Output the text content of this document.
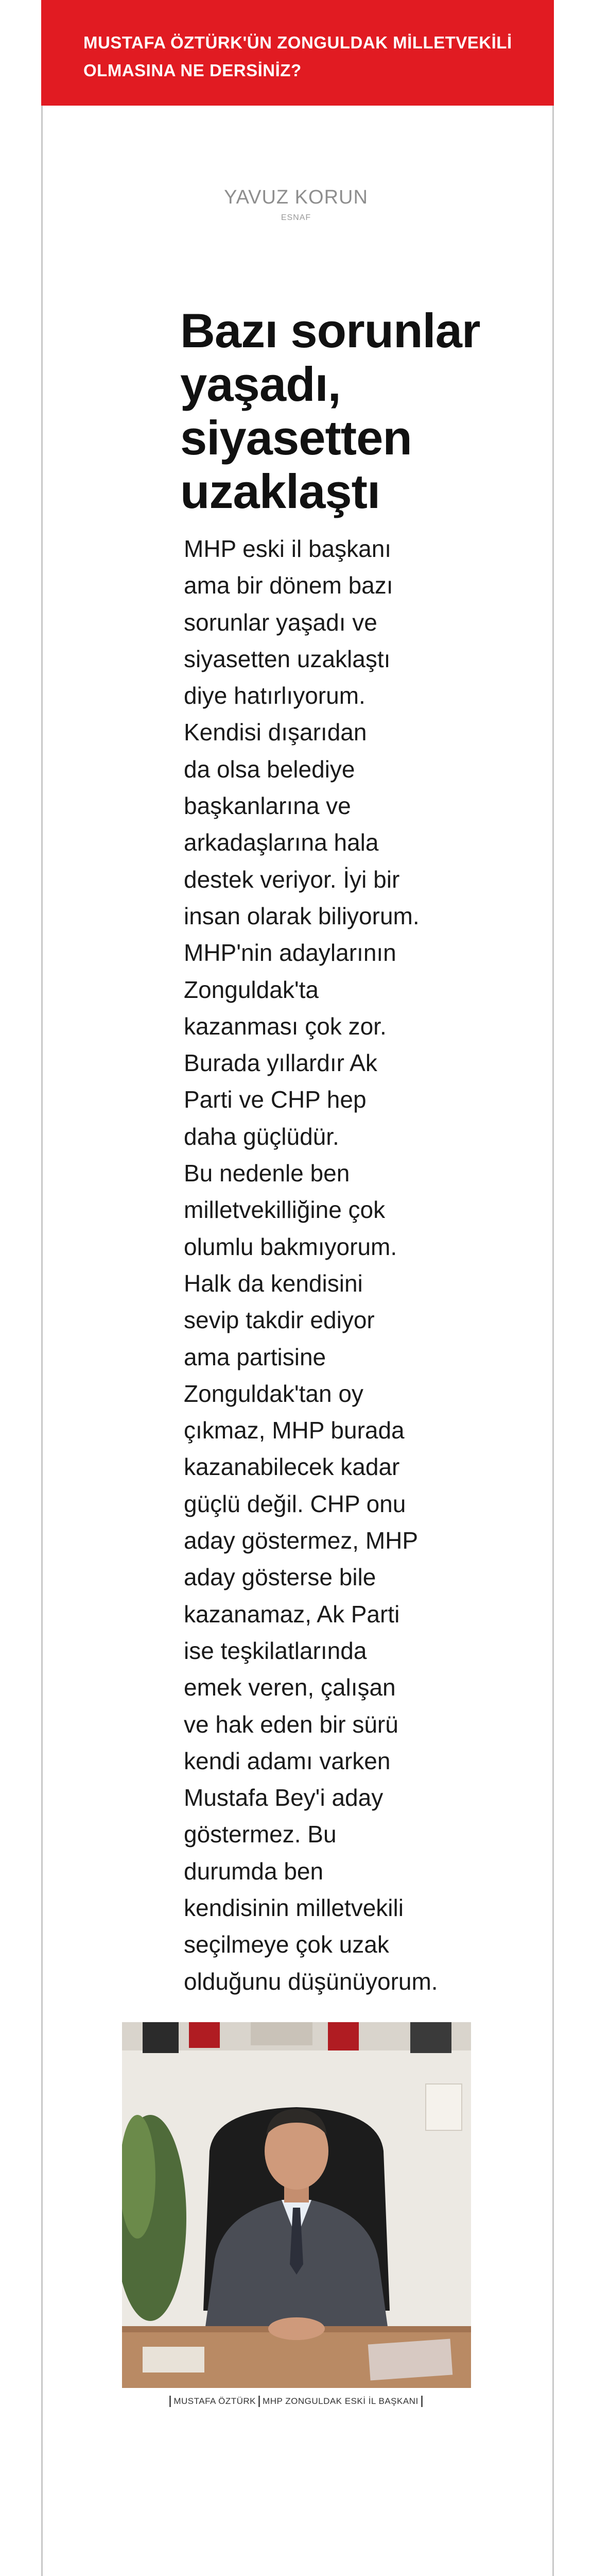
MUSTAFA ÖZTÜRK'ÜN ZONGULDAK MİLLETVEKİLİ
OLMASINA NE DERSİNİZ?
YAVUZ KORUN
ESNAF
Bazı sorunlar
yaşadı,
siyasetten
uzaklaştı
MHP eski il başkanı
ama bir dönem bazı
sorunlar yaşadı ve
siyasetten uzaklaştı
diye hatırlıyorum.
Kendisi dışarıdan
da olsa belediye
başkanlarına ve
arkadaşlarına hala
destek veriyor. İyi bir
insan olarak biliyorum.
MHP'nin adaylarının
Zonguldak'ta
kazanması çok zor.
Burada yıllardır Ak
Parti ve CHP hep
daha güçlüdür.
Bu nedenle ben
milletvekilliğine çok
olumlu bakmıyorum.
Halk da kendisini
sevip takdir ediyor
ama partisine
Zonguldak'tan oy
çıkmaz, MHP burada
kazanabilecek kadar
güçlü değil. CHP onu
aday göstermez, MHP
aday gösterse bile
kazanamaz, Ak Parti
ise teşkilatlarında
emek veren, çalışan
ve hak eden bir sürü
kendi adamı varken
Mustafa Bey'i aday
göstermez. Bu
durumda ben
kendisinin milletvekili
seçilmeye çok uzak
olduğunu düşünüyorum.
MUSTAFA ÖZTÜRK MHP ZONGULDAK ESKİ İL BAŞKANI
